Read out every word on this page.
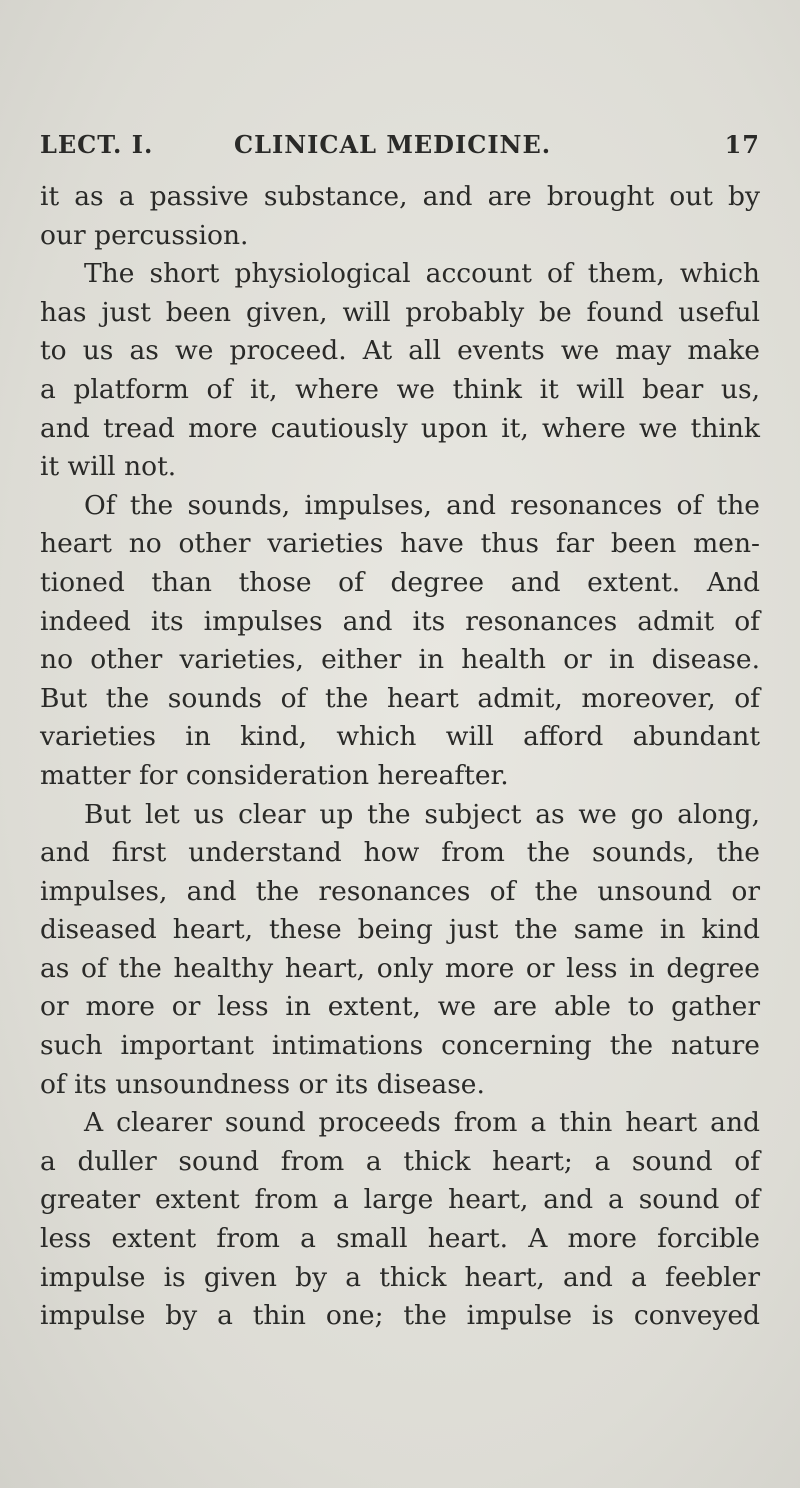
LECT. I.	CLINICAL MEDICINE.	17
it as a passive substance, and are brought out by
our percussion.
The short physiological account of them, which
has just been given, will probably be found useful
to us as we proceed. At all events we may make
a platform of it, where we think it will bear us,
and tread more cautiously upon it, where we think
it will not.
Of the sounds, impulses, and resonances of the
heart no other varieties have thus far been men-
tioned than those of degree and extent. And
indeed its impulses and its resonances admit of
no other varieties, either in health or in disease.
But the sounds of the heart admit, moreover, of
varieties in kind, which will afford abundant
matter for consideration hereafter.
But let us clear up the subject as we go along,
and first understand how from the sounds, the
impulses, and the resonances of the unsound or
diseased heart, these being just the same in kind
as of the healthy heart, only more or less in degree
or more or less in extent, we are able to gather
such important intimations concerning the nature
of its unsoundness or its disease.
A clearer sound proceeds from a thin heart and
a duller sound from a thick heart; a sound of
greater extent from a large heart, and a sound of
less extent from a small heart. A more forcible
impulse is given by a thick heart, and a feebler
impulse by a thin one; the impulse is conveyed
